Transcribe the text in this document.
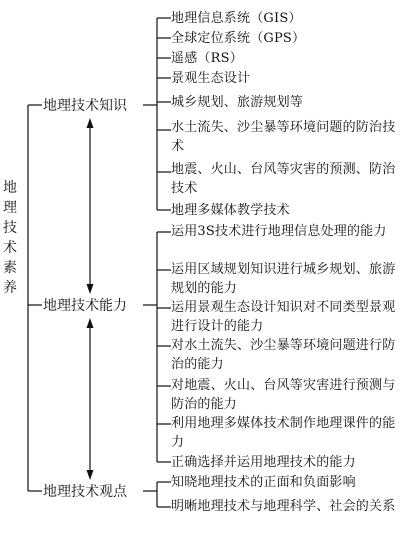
地理技术素养
地理技术知识
地理技术能力
地理技术观点
地理信息系统（GIS）
全球定位系统（GPS）
遥感（RS）
景观生态设计
城乡规划、旅游规划等
水土流失、沙尘暴等环境问题的防治技术
地震、火山、台风等灾害的预测、防治技术
地理多媒体教学技术
运用3S技术进行地理信息处理的能力
运用区域规划知识进行城乡规划、旅游规划的能力
运用景观生态设计知识对不同类型景观进行设计的能力
对水土流失、沙尘暴等环境问题进行防治的能力
对地震、火山、台风等灾害进行预测与防治的能力
利用地理多媒体技术制作地理课件的能力
正确选择并运用地理技术的能力
知晓地理技术的正面和负面影响
明晰地理技术与地理科学、社会的关系
